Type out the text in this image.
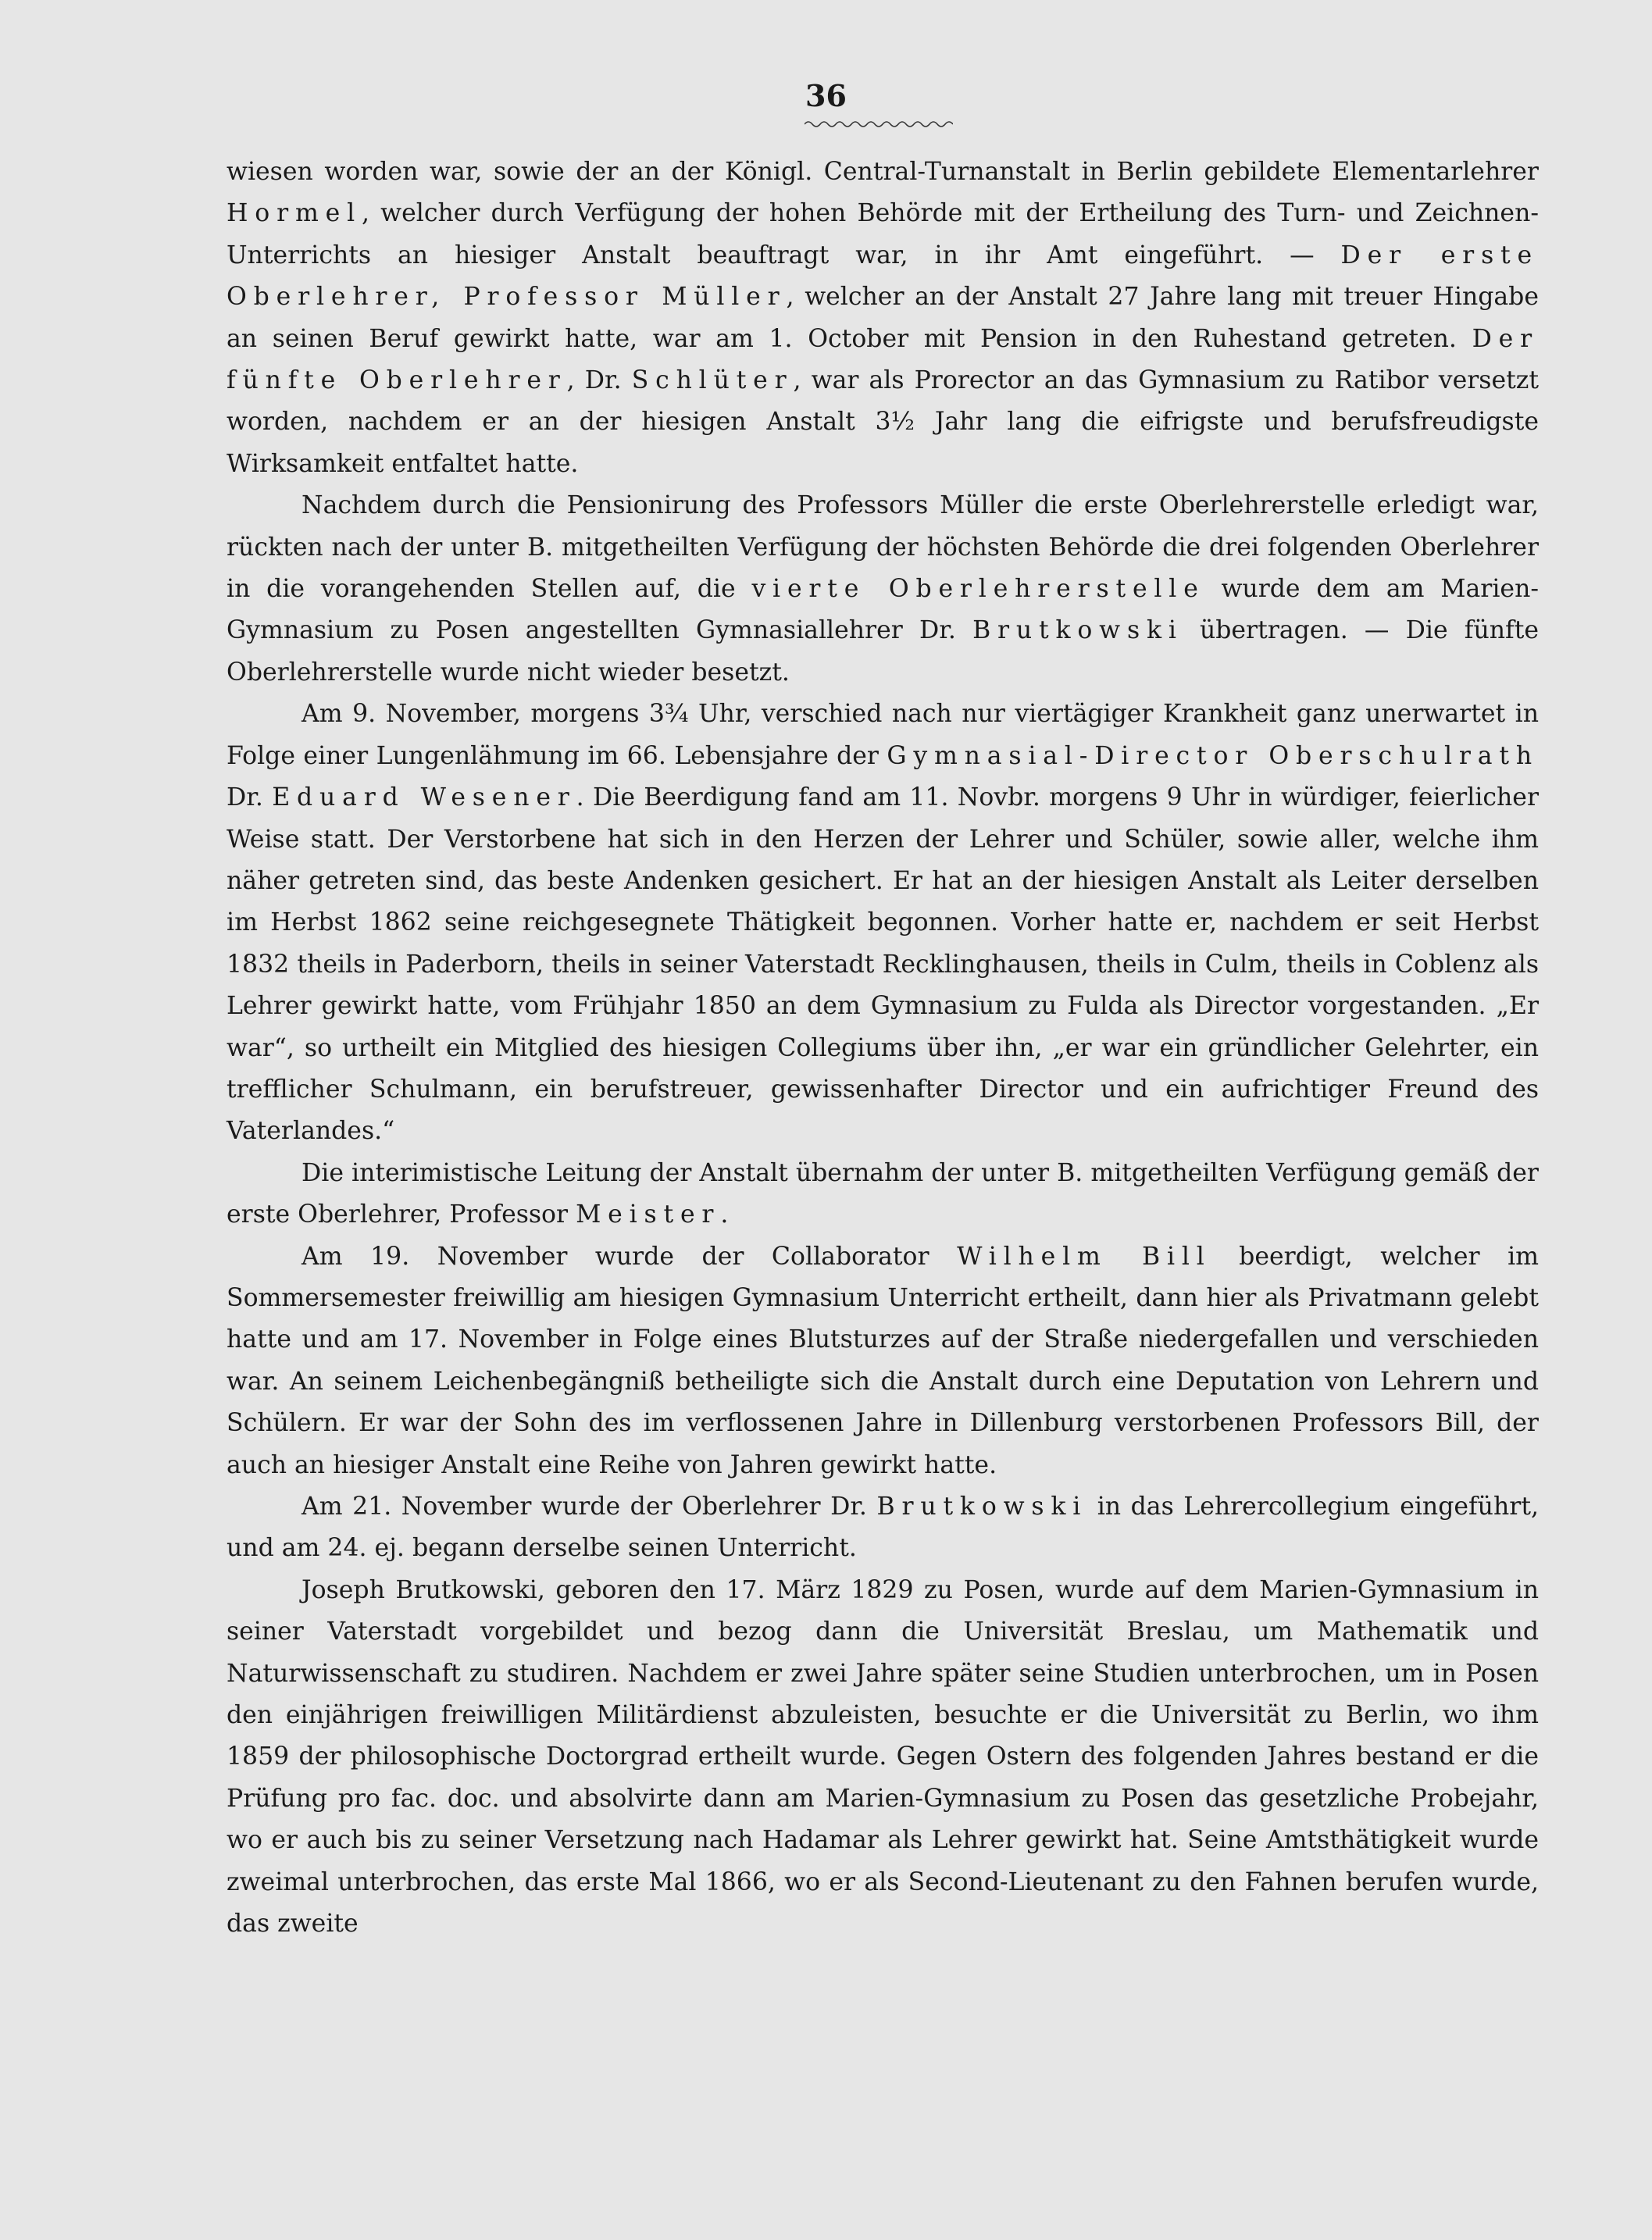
36

wiesen worden war, sowie der an der Königl. Central-Turnanstalt in Berlin gebildete Elementarlehrer Hormel, welcher durch Verfügung der hohen Behörde mit der Ertheilung des Turn- und Zeichnen-Unterrichts an hiesiger Anstalt beauftragt war, in ihr Amt eingeführt. — Der erste Oberlehrer, Professor Müller, welcher an der Anstalt 27 Jahre lang mit treuer Hingabe an seinen Beruf gewirkt hatte, war am 1. October mit Pension in den Ruhestand getreten. Der fünfte Oberlehrer, Dr. Schlüter, war als Prorector an das Gymnasium zu Ratibor versetzt worden, nachdem er an der hiesigen Anstalt 3½ Jahr lang die eifrigste und berufsfreudigste Wirksamkeit entfaltet hatte.

Nachdem durch die Pensionirung des Professors Müller die erste Oberlehrerstelle erledigt war, rückten nach der unter B. mitgetheilten Verfügung der höchsten Behörde die drei folgenden Oberlehrer in die vorangehenden Stellen auf, die vierte Oberlehrerstelle wurde dem am Marien-Gymnasium zu Posen angestellten Gymnasiallehrer Dr. Brutkowski übertragen. — Die fünfte Oberlehrerstelle wurde nicht wieder besetzt.

Am 9. November, morgens 3¾ Uhr, verschied nach nur viertägiger Krankheit ganz unerwartet in Folge einer Lungenlähmung im 66. Lebensjahre der Gymnasial-Director Oberschulrath Dr. Eduard Wesener. Die Beerdigung fand am 11. Novbr. morgens 9 Uhr in würdiger, feierlicher Weise statt. Der Verstorbene hat sich in den Herzen der Lehrer und Schüler, sowie aller, welche ihm näher getreten sind, das beste Andenken gesichert. Er hat an der hiesigen Anstalt als Leiter derselben im Herbst 1862 seine reichgesegnete Thätigkeit begonnen. Vorher hatte er, nachdem er seit Herbst 1832 theils in Paderborn, theils in seiner Vaterstadt Recklinghausen, theils in Culm, theils in Coblenz als Lehrer gewirkt hatte, vom Frühjahr 1850 an dem Gymnasium zu Fulda als Director vorgestanden. „Er war“, so urtheilt ein Mitglied des hiesigen Collegiums über ihn, „er war ein gründlicher Gelehrter, ein trefflicher Schulmann, ein berufstreuer, gewissenhafter Director und ein aufrichtiger Freund des Vaterlandes.“

Die interimistische Leitung der Anstalt übernahm der unter B. mitgetheilten Verfügung gemäß der erste Oberlehrer, Professor Meister.

Am 19. November wurde der Collaborator Wilhelm Bill beerdigt, welcher im Sommersemester freiwillig am hiesigen Gymnasium Unterricht ertheilt, dann hier als Privatmann gelebt hatte und am 17. November in Folge eines Blutsturzes auf der Straße niedergefallen und verschieden war. An seinem Leichenbegängniß betheiligte sich die Anstalt durch eine Deputation von Lehrern und Schülern. Er war der Sohn des im verflossenen Jahre in Dillenburg verstorbenen Professors Bill, der auch an hiesiger Anstalt eine Reihe von Jahren gewirkt hatte.

Am 21. November wurde der Oberlehrer Dr. Brutkowski in das Lehrercollegium eingeführt, und am 24. ej. begann derselbe seinen Unterricht.

Joseph Brutkowski, geboren den 17. März 1829 zu Posen, wurde auf dem Marien-Gymnasium in seiner Vaterstadt vorgebildet und bezog dann die Universität Breslau, um Mathematik und Naturwissenschaft zu studiren. Nachdem er zwei Jahre später seine Studien unterbrochen, um in Posen den einjährigen freiwilligen Militärdienst abzuleisten, besuchte er die Universität zu Berlin, wo ihm 1859 der philosophische Doctorgrad ertheilt wurde. Gegen Ostern des folgenden Jahres bestand er die Prüfung pro fac. doc. und absolvirte dann am Marien-Gymnasium zu Posen das gesetzliche Probejahr, wo er auch bis zu seiner Versetzung nach Hadamar als Lehrer gewirkt hat. Seine Amtsthätigkeit wurde zweimal unterbrochen, das erste Mal 1866, wo er als Second-Lieutenant zu den Fahnen berufen wurde, das zweite
